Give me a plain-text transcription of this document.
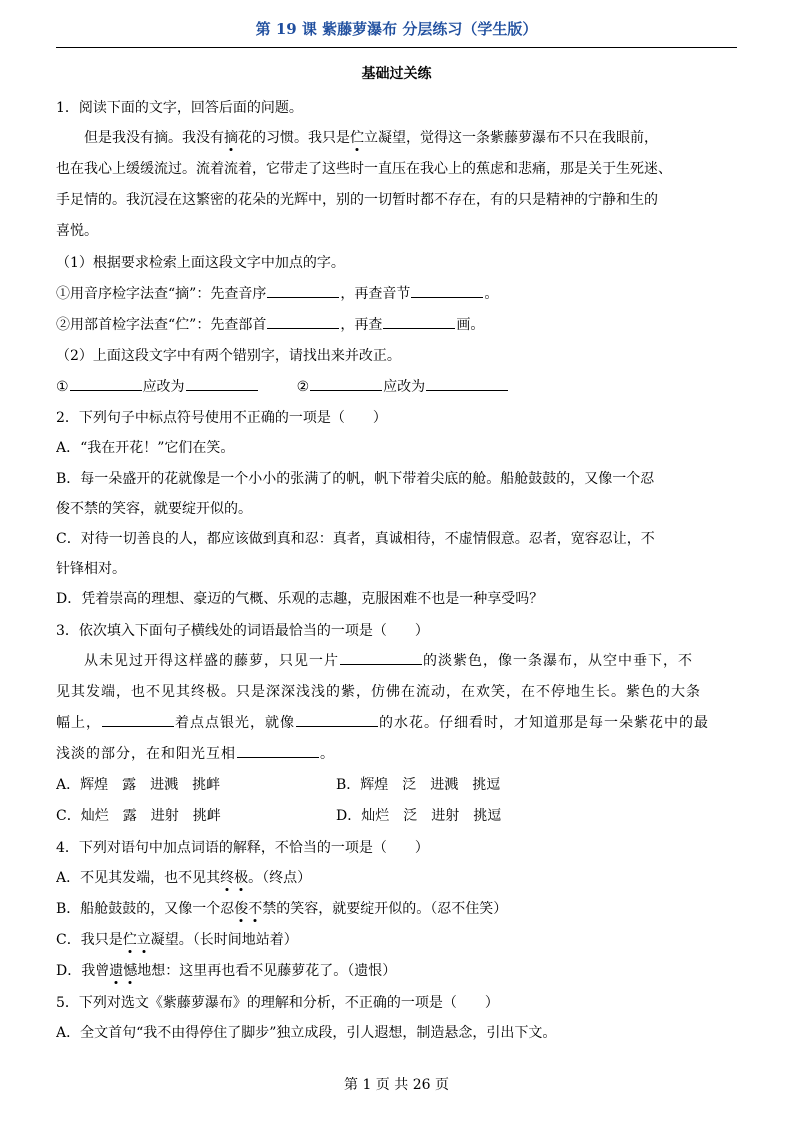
第 19 课 紫藤萝瀑布 分层练习（学生版）
基础过关练
1．阅读下面的文字，回答后面的问题。
但是我没有摘。我没有摘花的习惯。我只是伫立凝望，觉得这一条紫藤萝瀑布不只在我眼前，
也在我心上缓缓流过。流着流着，它带走了这些时一直压在我心上的蕉虑和悲痛，那是关于生死迷、
手足情的。我沉浸在这繁密的花朵的光辉中，别的一切暂时都不存在，有的只是精神的宁静和生的
喜悦。
（1）根据要求检索上面这段文字中加点的字。
①用音序检字法查“摘”：先查音序	，再查音节	。
②用部首检字法查“伫”：先查部首	，再查	画。
（2）上面这段文字中有两个错别字，请找出来并改正。
①	应改为	②	应改为
2．下列句子中标点符号使用不正确的一项是（　　）
A．“我在开花！”它们在笑。
B．每一朵盛开的花就像是一个小小的张满了的帆，帆下带着尖底的舱。船舱鼓鼓的，又像一个忍
俊不禁的笑容，就要绽开似的。
C．对待一切善良的人，都应该做到真和忍：真者，真诚相待，不虚情假意。忍者，宽容忍让，不
针锋相对。
D．凭着崇高的理想、豪迈的气概、乐观的志趣，克服困难不也是一种享受吗？
3．依次填入下面句子横线处的词语最恰当的一项是（　　）
从未见过开得这样盛的藤萝，只见一片	的淡紫色，像一条瀑布，从空中垂下，不
见其发端，也不见其终极。只是深深浅浅的紫，仿佛在流动，在欢笑，在不停地生长。紫色的大条
幅上，	着点点银光，就像	的水花。仔细看时，才知道那是每一朵紫花中的最
浅淡的部分，在和阳光互相	。
A．辉煌　露　进溅　挑衅	B．辉煌　泛　进溅　挑逗
C．灿烂　露　进射　挑衅	D．灿烂　泛　进射　挑逗
4．下列对语句中加点词语的解释，不恰当的一项是（　　）
A．不见其发端，也不见其终极。（终点）
B．船舱鼓鼓的，又像一个忍俊不禁的笑容，就要绽开似的。（忍不住笑）
C．我只是伫立凝望。（长时间地站着）
D．我曾遗憾地想：这里再也看不见藤萝花了。（遗恨）
5．下列对选文《紫藤萝瀑布》的理解和分析，不正确的一项是（　　）
A．全文首句“我不由得停住了脚步”独立成段，引人遐想，制造悬念，引出下文。
第 1 页 共 26 页
